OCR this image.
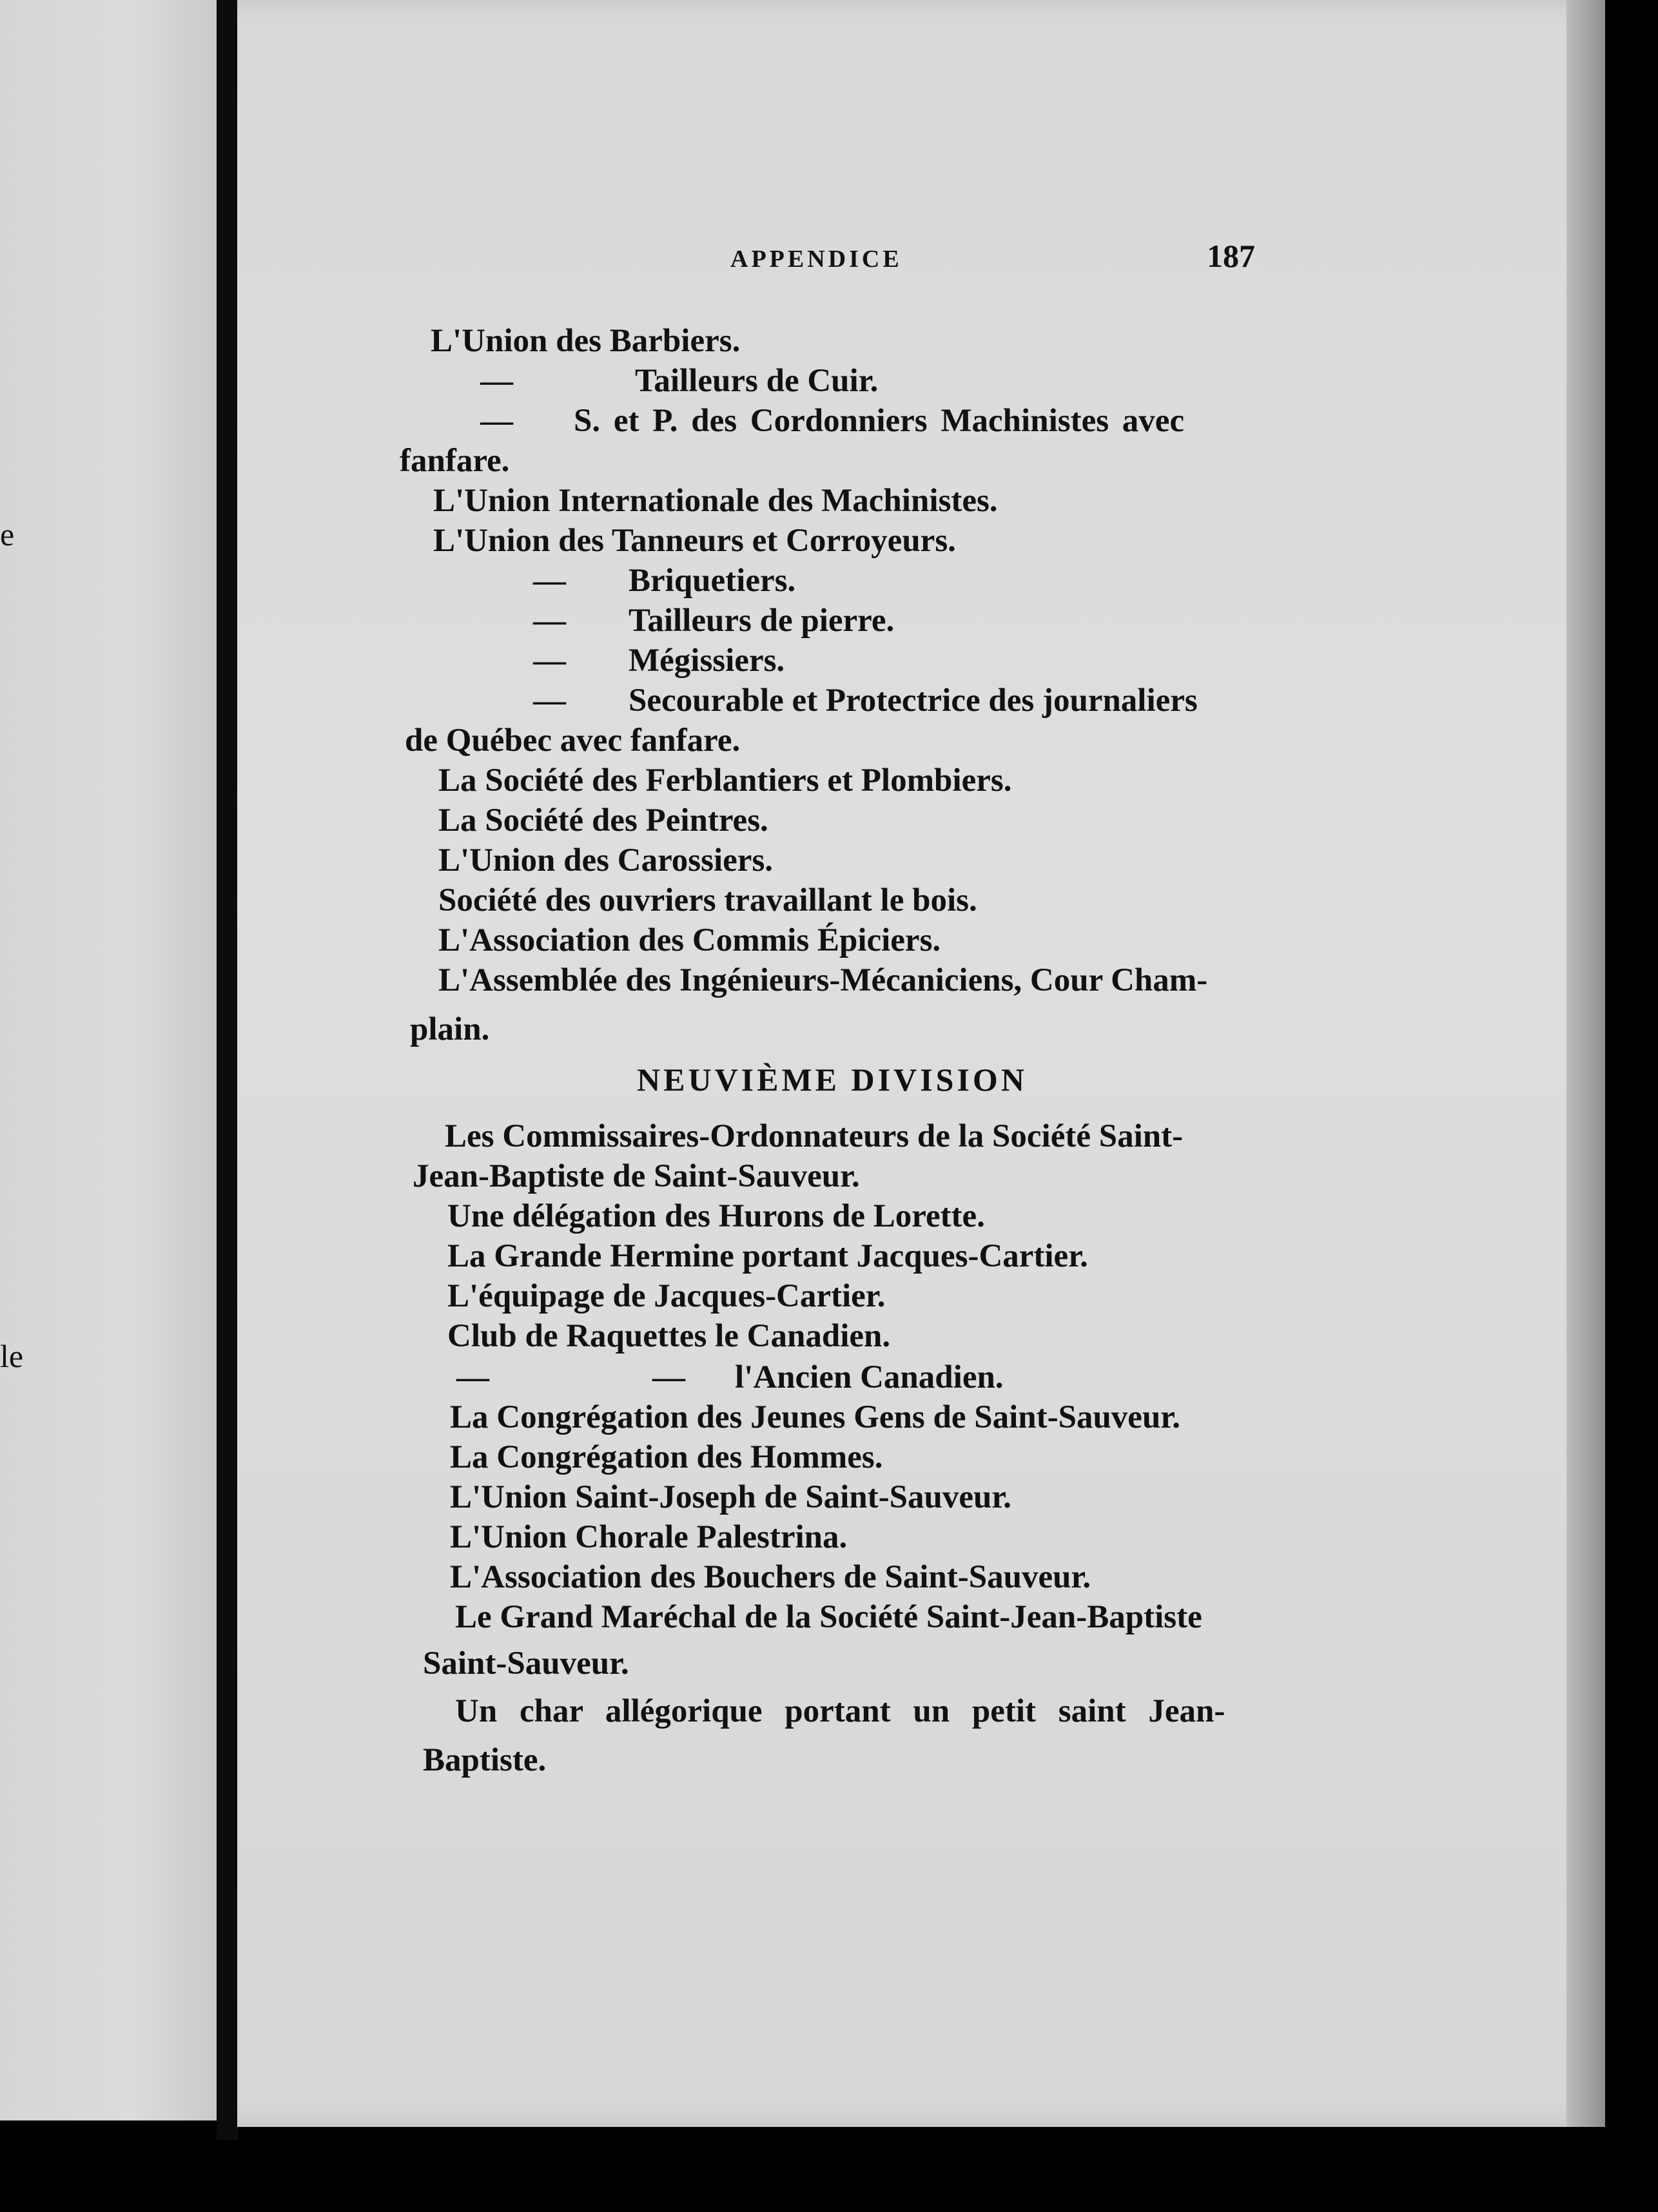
e
le
APPENDICE	187
L'Union des Barbiers.
—	Tailleurs de Cuir.
— S. et P. des Cordonniers Machinistes avec
fanfare.
L'Union Internationale des Machinistes.
L'Union des Tanneurs et Corroyeurs.
— Briquetiers.
— Tailleurs de pierre.
— Mégissiers.
— Secourable et Protectrice des journaliers
de Québec avec fanfare.
La Société des Ferblantiers et Plombiers.
La Société des Peintres.
L'Union des Carossiers.
Société des ouvriers travaillant le bois.
L'Association des Commis Épiciers.
L'Assemblée des Ingénieurs-Mécaniciens, Cour Cham-
plain.
NEUVIÈME DIVISION
Les Commissaires-Ordonnateurs de la Société Saint-
Jean-Baptiste de Saint-Sauveur.
Une délégation des Hurons de Lorette.
La Grande Hermine portant Jacques-Cartier.
L'équipage de Jacques-Cartier.
Club de Raquettes le Canadien.
—	— l'Ancien Canadien.
La Congrégation des Jeunes Gens de Saint-Sauveur.
La Congrégation des Hommes.
L'Union Saint-Joseph de Saint-Sauveur.
L'Union Chorale Palestrina.
L'Association des Bouchers de Saint-Sauveur.
Le Grand Maréchal de la Société Saint-Jean-Baptiste
Saint-Sauveur.
Un char allégorique portant un petit saint Jean-
Baptiste.
